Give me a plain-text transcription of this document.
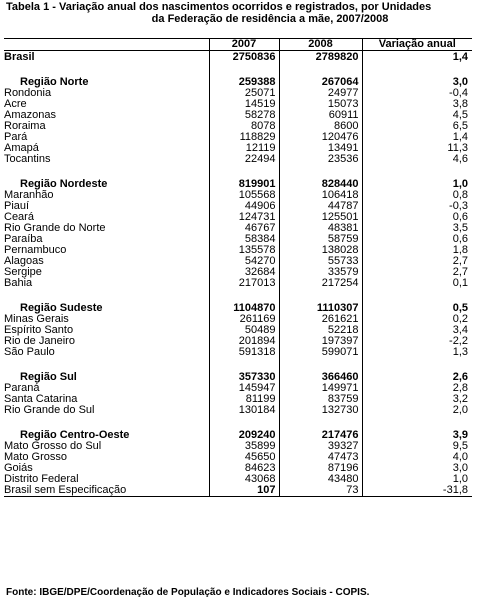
Tabela 1 - Variação anual dos nascimentos ocorridos e registrados, por Unidades
da Federação de residência a mãe, 2007/2008
	2007	2008	Variação anual
Brasil	2750836	2789820	1,4

Região Norte	259388	267064	3,0
Rondonia	25071	24977	-0,4
Acre	14519	15073	3,8
Amazonas	58278	60911	4,5
Roraima	8078	8600	6,5
Pará	118829	120476	1,4
Amapá	12119	13491	11,3
Tocantins	22494	23536	4,6

Região Nordeste	819901	828440	1,0
Maranhão	105568	106418	0,8
Piauí	44906	44787	-0,3
Ceará	124731	125501	0,6
Rio Grande do Norte	46767	48381	3,5
Paraíba	58384	58759	0,6
Pernambuco	135578	138028	1,8
Alagoas	54270	55733	2,7
Sergipe	32684	33579	2,7
Bahia	217013	217254	0,1

Região Sudeste	1104870	1110307	0,5
Minas Gerais	261169	261621	0,2
Espírito Santo	50489	52218	3,4
Rio de Janeiro	201894	197397	-2,2
São Paulo	591318	599071	1,3

Região Sul	357330	366460	2,6
Paraná	145947	149971	2,8
Santa Catarina	81199	83759	3,2
Rio Grande do Sul	130184	132730	2,0

Região Centro-Oeste	209240	217476	3,9
Mato Grosso do Sul	35899	39327	9,5
Mato Grosso	45650	47473	4,0
Goiás	84623	87196	3,0
Distrito Federal	43068	43480	1,0
Brasil sem Especificação	107	73	-31,8
Fonte: IBGE/DPE/Coordenação de População e Indicadores Sociais - COPIS.
